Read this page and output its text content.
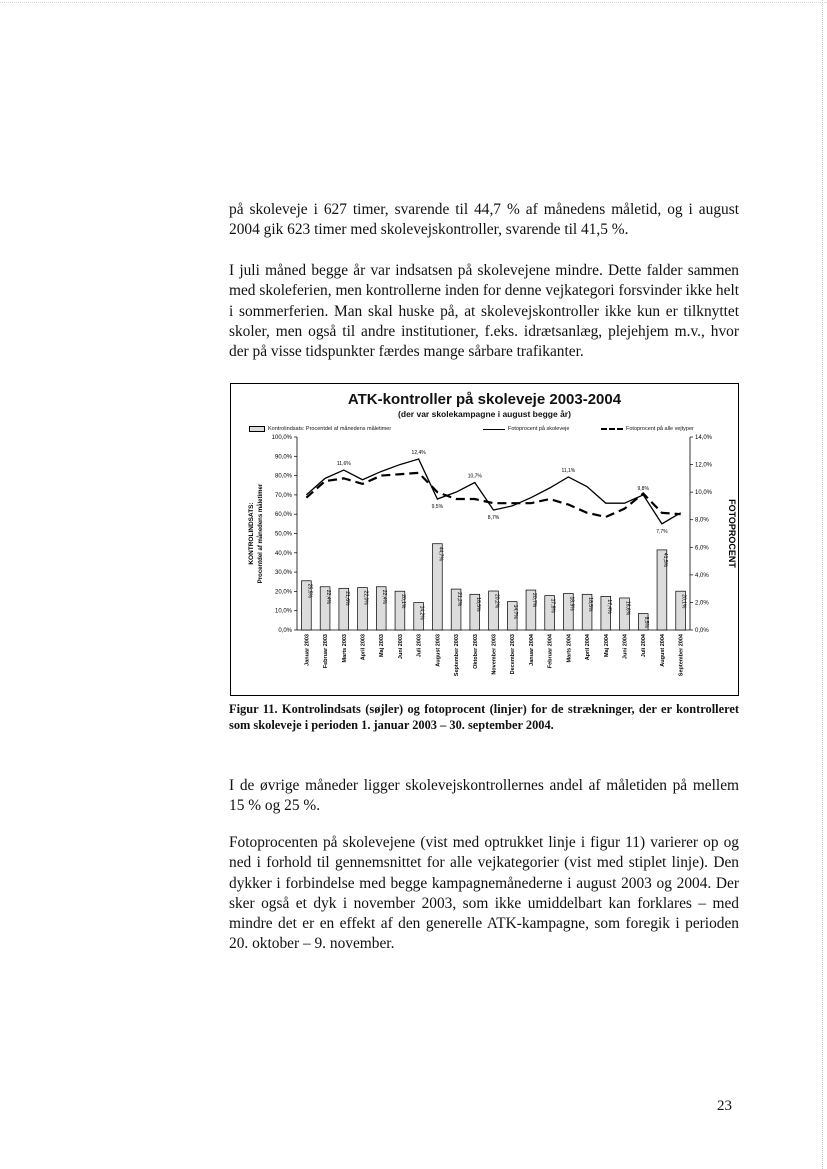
på skoleveje i 627 timer, svarende til 44,7 % af månedens måletid, og i august 2004 gik 623 timer med skolevejskontroller, svarende til 41,5 %.

I juli måned begge år var indsatsen på skolevejene mindre. Dette falder sammen med skoleferien, men kontrollerne inden for denne vejkategori forsvinder ikke helt i sommerferien. Man skal huske på, at skolevejskontroller ikke kun er tilknyttet skoler, men også til andre institutioner, f.eks. idrætsanlæg, plejehjem m.v., hvor der på visse tidspunkter færdes mange sårbare trafikanter.

ATK-kontroller på skoleveje 2003-2004
(der var skolekampagne i august begge år)
Kontrolindsats: Procentdel af månedens måletimer	Fotoprocent på skoleveje	Fotoprocent på alle vejtyper
0,0%
10,0%
20,0%
30,0%
40,0%
50,0%
60,0%
70,0%
80,0%
90,0%
100,0%
0,0%
2,0%
4,0%
6,0%
8,0%
10,0%
12,0%
14,0%
KONTROLINDSATS: Procentdel af månedens måletimer	FOTOPROCENT
25,5%	22,4%	21,6%	22,0%	22,4%	20,1%
14,2%
44,7%
21,2%	18,5%	20,2%
14,7%
20,7%	17,8%	18,9%	18,5%	17,4%	16,6%
8,5%
41,5%
20,1%
Januar 2003 Februar 2003 Marts 2003 April 2003 Maj 2003 Juni 2003 Juli 2003 August 2003 September 2003 Oktober 2003 November 2003 December 2003 Januar 2004 Februar 2004 Marts 2004 April 2004 Maj 2004 Juni 2004 Juli 2004 August 2004 September 2004
11,6%
12,4%
9,5%
10,7%
8,7%
11,1%
9,8%
7,7%

Figur 11. Kontrolindsats (søjler) og fotoprocent (linjer) for de strækninger, der er kontrolleret som skoleveje i perioden 1. januar 2003 – 30. september 2004.

I de øvrige måneder ligger skolevejskontrollernes andel af måletiden på mellem 15 % og 25 %.

Fotoprocenten på skolevejene (vist med optrukket linje i figur 11) varierer op og ned i forhold til gennemsnittet for alle vejkategorier (vist med stiplet linje). Den dykker i forbindelse med begge kampagnemånederne i august 2003 og 2004. Der sker også et dyk i november 2003, som ikke umiddelbart kan forklares – med mindre det er en effekt af den generelle ATK-kampagne, som foregik i perioden 20. oktober – 9. november.

23
